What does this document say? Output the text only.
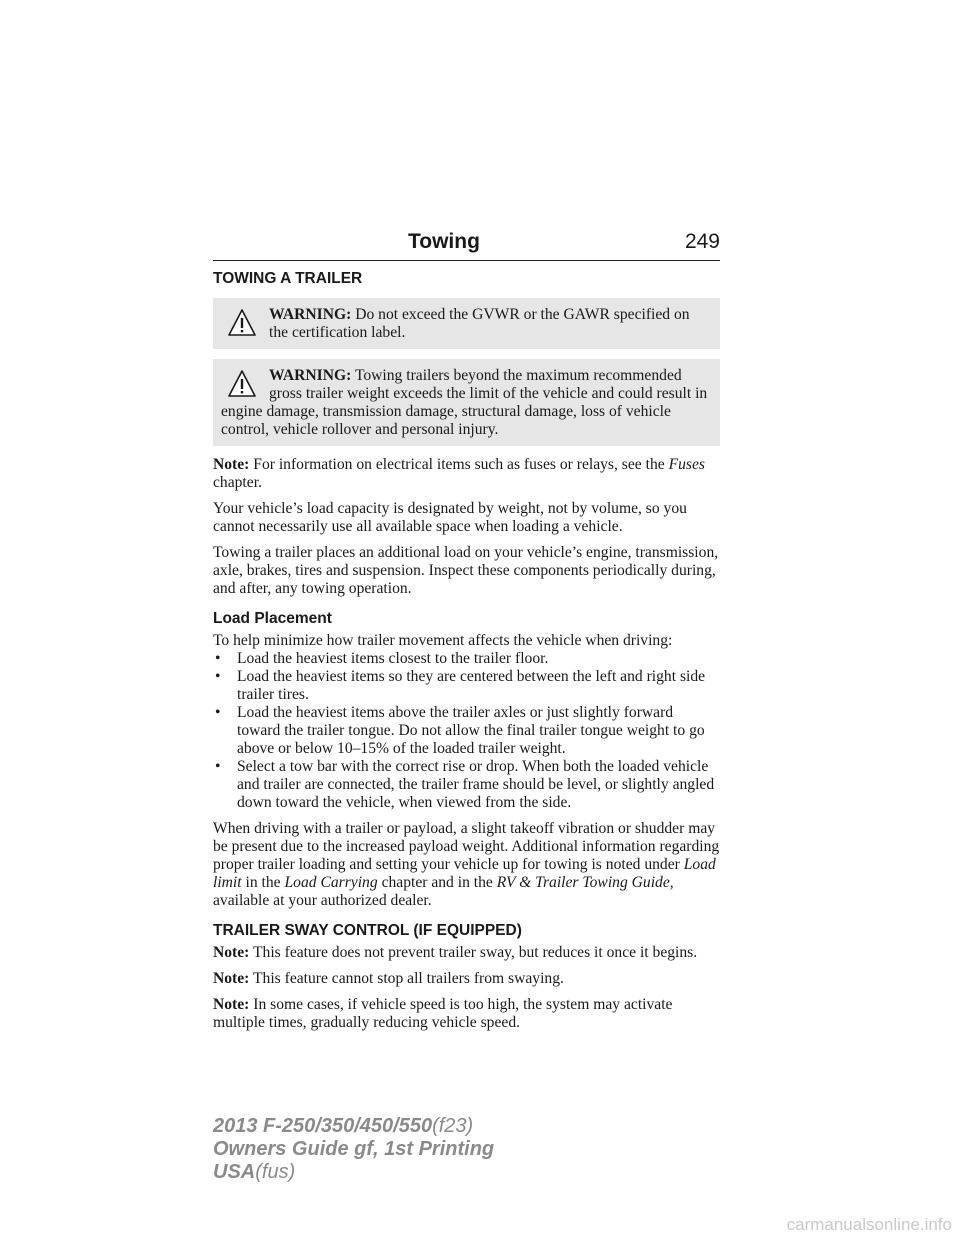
Towing	249
TOWING A TRAILER
WARNING: Do not exceed the GVWR or the GAWR specified on the certification label.
WARNING: Towing trailers beyond the maximum recommended gross trailer weight exceeds the limit of the vehicle and could result in engine damage, transmission damage, structural damage, loss of vehicle control, vehicle rollover and personal injury.

Note: For information on electrical items such as fuses or relays, see the Fuses chapter.

Your vehicle’s load capacity is designated by weight, not by volume, so you cannot necessarily use all available space when loading a vehicle.

Towing a trailer places an additional load on your vehicle’s engine, transmission, axle, brakes, tires and suspension. Inspect these components periodically during, and after, any towing operation.

Load Placement

To help minimize how trailer movement affects the vehicle when driving:

• Load the heaviest items closest to the trailer floor.
• Load the heaviest items so they are centered between the left and right side trailer tires.
• Load the heaviest items above the trailer axles or just slightly forward toward the trailer tongue. Do not allow the final trailer tongue weight to go above or below 10–15% of the loaded trailer weight.
• Select a tow bar with the correct rise or drop. When both the loaded vehicle and trailer are connected, the trailer frame should be level, or slightly angled down toward the vehicle, when viewed from the side.

When driving with a trailer or payload, a slight takeoff vibration or shudder may be present due to the increased payload weight. Additional information regarding proper trailer loading and setting your vehicle up for towing is noted under Load limit in the Load Carrying chapter and in the RV & Trailer Towing Guide, available at your authorized dealer.

TRAILER SWAY CONTROL (IF EQUIPPED)

Note: This feature does not prevent trailer sway, but reduces it once it begins.

Note: This feature cannot stop all trailers from swaying.

Note: In some cases, if vehicle speed is too high, the system may activate multiple times, gradually reducing vehicle speed.

2013 F-250/350/450/550(f23)
Owners Guide gf, 1st Printing
USA(fus)
carmanualsonline.info
